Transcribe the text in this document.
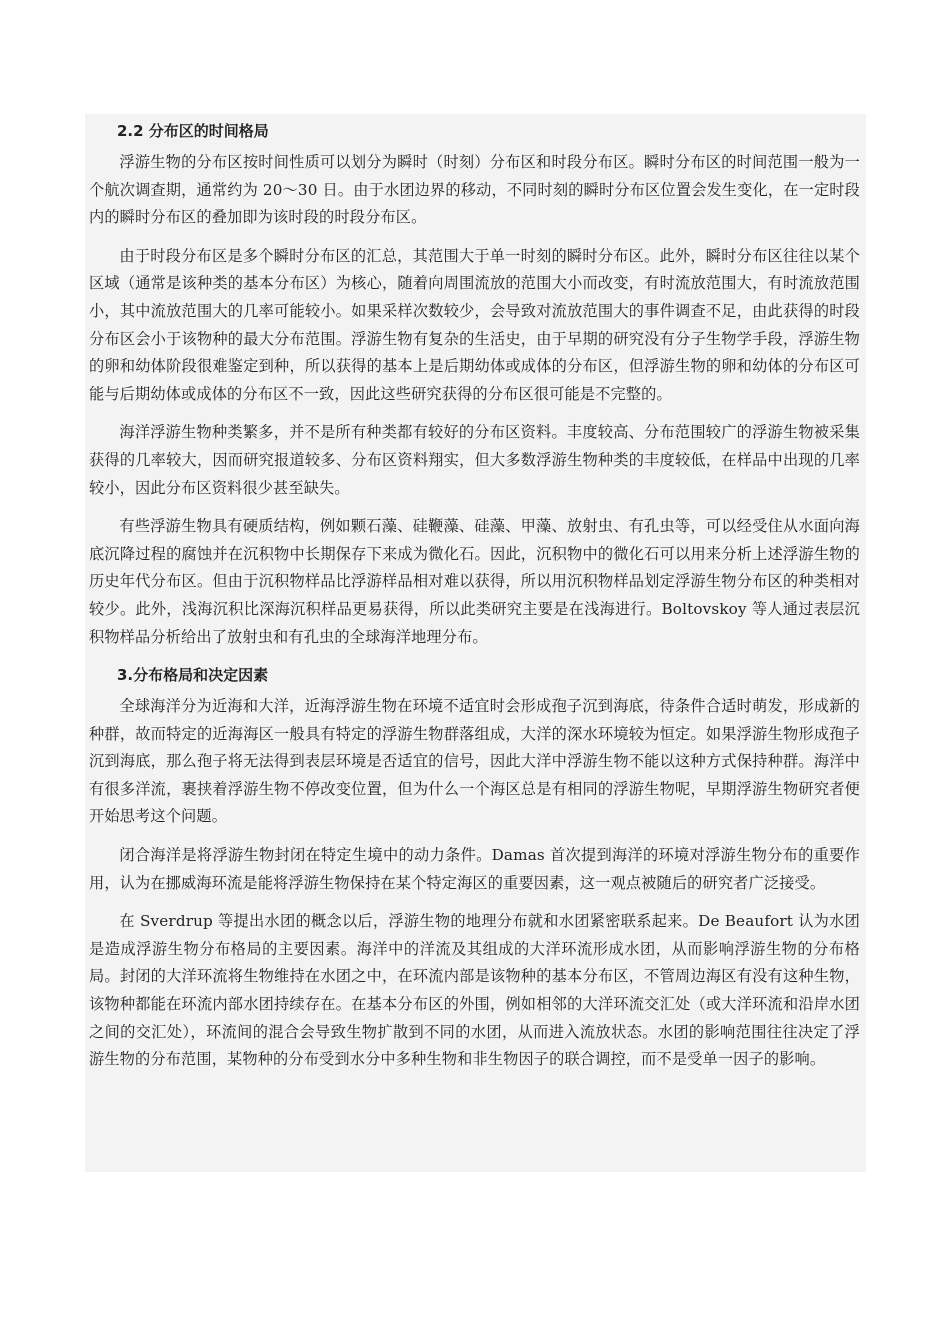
2.2 分布区的时间格局

浮游生物的分布区按时间性质可以划分为瞬时（时刻）分布区和时段分布区。瞬时分布区的时间范围一般为一个航次调查期，通常约为 20～30 日。由于水团边界的移动，不同时刻的瞬时分布区位置会发生变化，在一定时段内的瞬时分布区的叠加即为该时段的时段分布区。

由于时段分布区是多个瞬时分布区的汇总，其范围大于单一时刻的瞬时分布区。此外，瞬时分布区往往以某个区域（通常是该种类的基本分布区）为核心，随着向周围流放的范围大小而改变，有时流放范围大，有时流放范围小，其中流放范围大的几率可能较小。如果采样次数较少，会导致对流放范围大的事件调查不足，由此获得的时段分布区会小于该物种的最大分布范围。浮游生物有复杂的生活史，由于早期的研究没有分子生物学手段，浮游生物的卵和幼体阶段很难鉴定到种，所以获得的基本上是后期幼体或成体的分布区，但浮游生物的卵和幼体的分布区可能与后期幼体或成体的分布区不一致，因此这些研究获得的分布区很可能是不完整的。

海洋浮游生物种类繁多，并不是所有种类都有较好的分布区资料。丰度较高、分布范围较广的浮游生物被采集获得的几率较大，因而研究报道较多、分布区资料翔实，但大多数浮游生物种类的丰度较低，在样品中出现的几率较小，因此分布区资料很少甚至缺失。

有些浮游生物具有硬质结构，例如颗石藻、硅鞭藻、硅藻、甲藻、放射虫、有孔虫等，可以经受住从水面向海底沉降过程的腐蚀并在沉积物中长期保存下来成为微化石。因此，沉积物中的微化石可以用来分析上述浮游生物的历史年代分布区。但由于沉积物样品比浮游样品相对难以获得，所以用沉积物样品划定浮游生物分布区的种类相对较少。此外，浅海沉积比深海沉积样品更易获得，所以此类研究主要是在浅海进行。Boltovskoy 等人通过表层沉积物样品分析给出了放射虫和有孔虫的全球海洋地理分布。

3.分布格局和决定因素

全球海洋分为近海和大洋，近海浮游生物在环境不适宜时会形成孢子沉到海底，待条件合适时萌发，形成新的种群，故而特定的近海海区一般具有特定的浮游生物群落组成，大洋的深水环境较为恒定。如果浮游生物形成孢子沉到海底，那么孢子将无法得到表层环境是否适宜的信号，因此大洋中浮游生物不能以这种方式保持种群。海洋中有很多洋流，裹挟着浮游生物不停改变位置，但为什么一个海区总是有相同的浮游生物呢，早期浮游生物研究者便开始思考这个问题。

闭合海洋是将浮游生物封闭在特定生境中的动力条件。Damas 首次提到海洋的环境对浮游生物分布的重要作用，认为在挪威海环流是能将浮游生物保持在某个特定海区的重要因素，这一观点被随后的研究者广泛接受。

在 Sverdrup 等提出水团的概念以后，浮游生物的地理分布就和水团紧密联系起来。De Beaufort 认为水团是造成浮游生物分布格局的主要因素。海洋中的洋流及其组成的大洋环流形成水团，从而影响浮游生物的分布格局。封闭的大洋环流将生物维持在水团之中，在环流内部是该物种的基本分布区，不管周边海区有没有这种生物，该物种都能在环流内部水团持续存在。在基本分布区的外围，例如相邻的大洋环流交汇处（或大洋环流和沿岸水团之间的交汇处），环流间的混合会导致生物扩散到不同的水团，从而进入流放状态。水团的影响范围往往决定了浮游生物的分布范围，某物种的分布受到水分中多种生物和非生物因子的联合调控，而不是受单一因子的影响。
